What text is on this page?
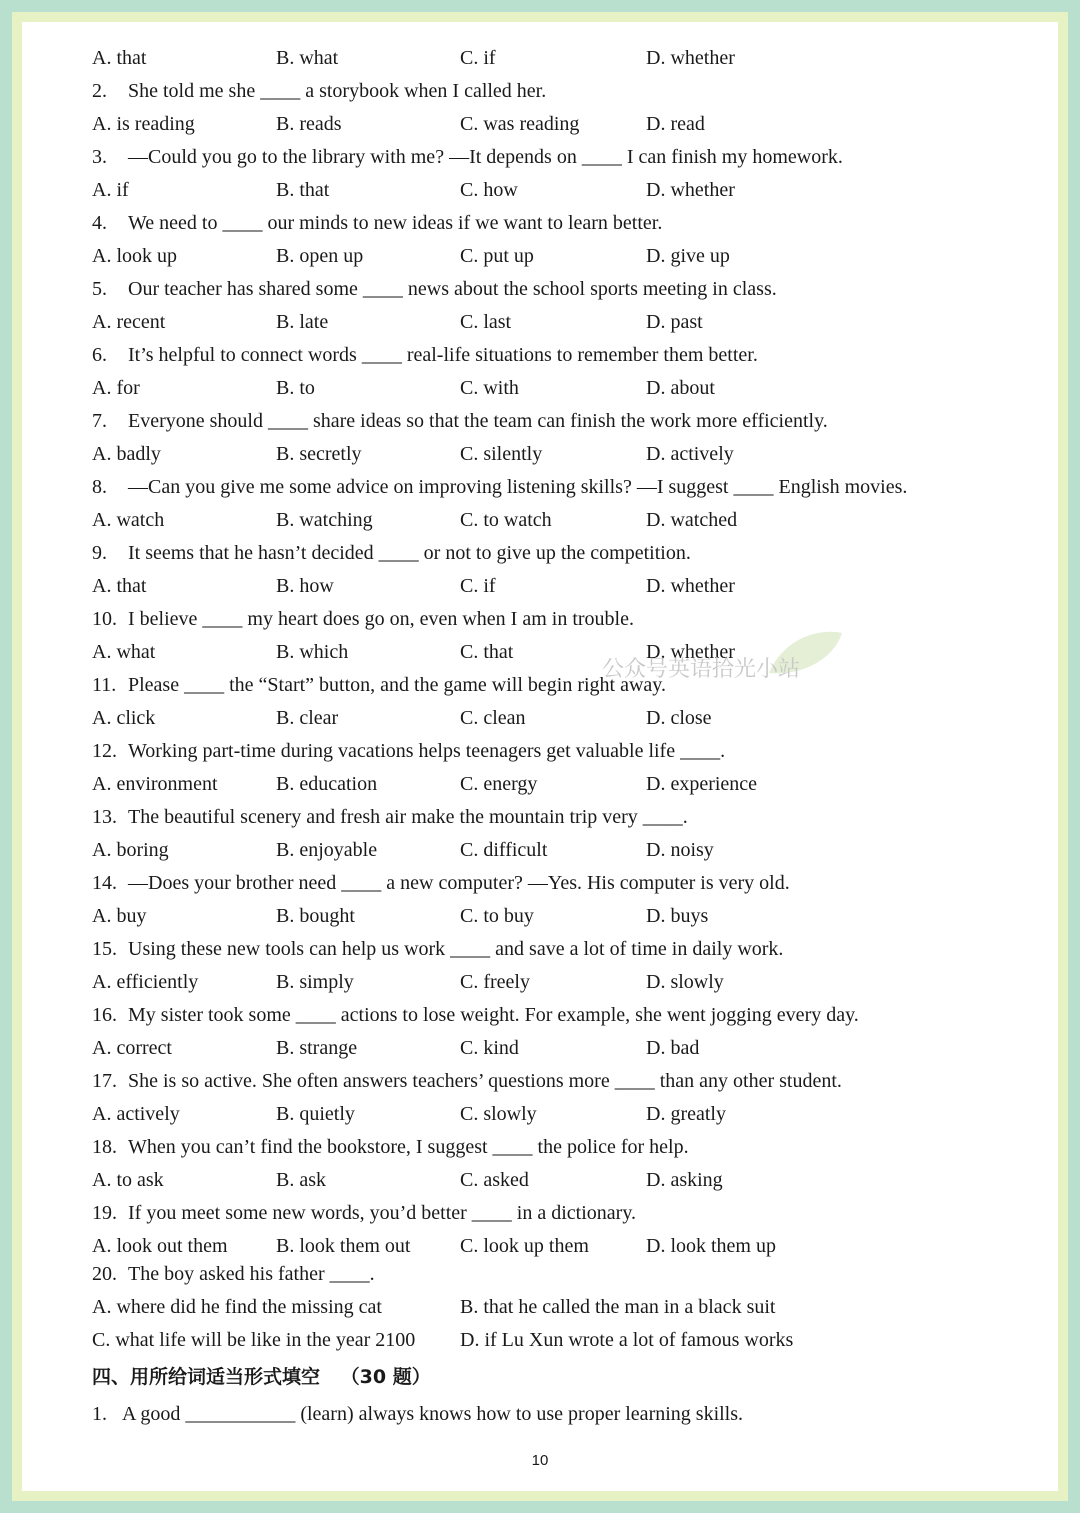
A. that	B. what	C. if	D. whether
2. She told me she ____ a storybook when I called her.
A. is reading	B. reads	C. was reading	D. read
3. —Could you go to the library with me? —It depends on ____ I can finish my homework.
A. if	B. that	C. how	D. whether
4. We need to ____ our minds to new ideas if we want to learn better.
A. look up	B. open up	C. put up	D. give up
5. Our teacher has shared some ____ news about the school sports meeting in class.
A. recent	B. late	C. last	D. past
6. It’s helpful to connect words ____ real-life situations to remember them better.
A. for	B. to	C. with	D. about
7. Everyone should ____ share ideas so that the team can finish the work more efficiently.
A. badly	B. secretly	C. silently	D. actively
8. —Can you give me some advice on improving listening skills? —I suggest ____ English movies.
A. watch	B. watching	C. to watch	D. watched
9. It seems that he hasn’t decided ____ or not to give up the competition.
A. that	B. how	C. if	D. whether
10. I believe ____ my heart does go on, even when I am in trouble.
A. what	B. which	C. that	D. whether
11. Please ____ the “Start” button, and the game will begin right away.
A. click	B. clear	C. clean	D. close
12. Working part-time during vacations helps teenagers get valuable life ____.
A. environment	B. education	C. energy	D. experience
13. The beautiful scenery and fresh air make the mountain trip very ____.
A. boring	B. enjoyable	C. difficult	D. noisy
14. —Does your brother need ____ a new computer? —Yes. His computer is very old.
A. buy	B. bought	C. to buy	D. buys
15. Using these new tools can help us work ____ and save a lot of time in daily work.
A. efficiently	B. simply	C. freely	D. slowly
16. My sister took some ____ actions to lose weight. For example, she went jogging every day.
A. correct	B. strange	C. kind	D. bad
17. She is so active. She often answers teachers’ questions more ____ than any other student.
A. actively	B. quietly	C. slowly	D. greatly
18. When you can’t find the bookstore, I suggest ____ the police for help.
A. to ask	B. ask	C. asked	D. asking
19. If you meet some new words, you’d better ____ in a dictionary.
A. look out them B. look them out C. look up them	D. look them up
20. The boy asked his father ____.
A. where did he find the missing cat	B. that he called the man in a black suit
C. what life will be like in the year 2100 D. if Lu Xun wrote a lot of famous works
四、用所给词适当形式填空 （30 题）
1. A good ___________ (learn) always knows how to use proper learning skills.
公众号英语拾光小站
10
